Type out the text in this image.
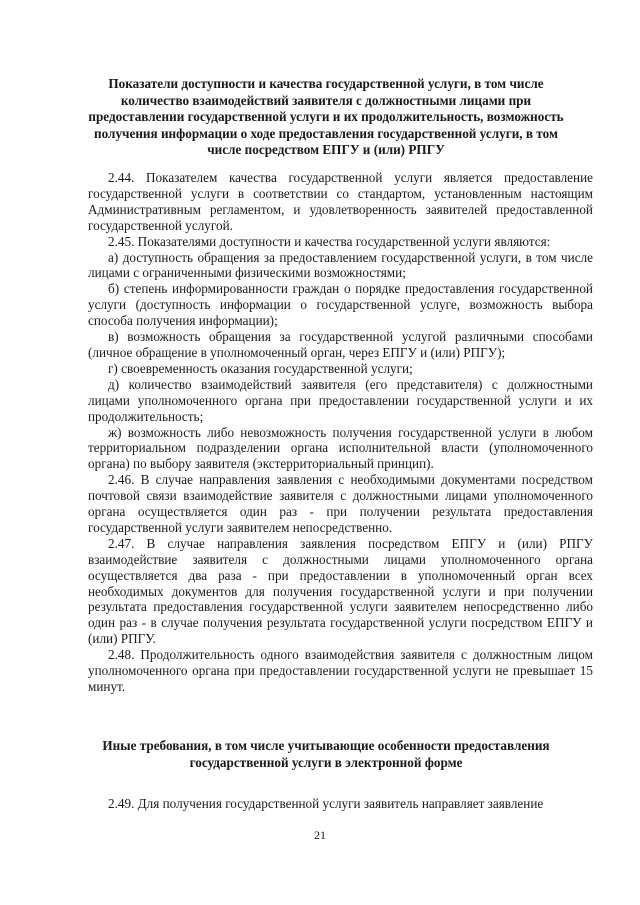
Показатели доступности и качества государственной услуги, в том числе количество взаимодействий заявителя с должностными лицами при предоставлении государственной услуги и их продолжительность, возможность получения информации о ходе предоставления государственной услуги, в том числе посредством ЕПГУ и (или) РПГУ

2.44. Показателем качества государственной услуги является предоставление государственной услуги в соответствии со стандартом, установленным настоящим Административным регламентом, и удовлетворенность заявителей предоставленной государственной услугой.

2.45. Показателями доступности и качества государственной услуги являются:

а) доступность обращения за предоставлением государственной услуги, в том числе лицами с ограниченными физическими возможностями;

б) степень информированности граждан о порядке предоставления государственной услуги (доступность информации о государственной услуге, возможность выбора способа получения информации);

в) возможность обращения за государственной услугой различными способами (личное обращение в уполномоченный орган, через ЕПГУ и (или) РПГУ);

г) своевременность оказания государственной услуги;

д) количество взаимодействий заявителя (его представителя) с должностными лицами уполномоченного органа при предоставлении государственной услуги и их продолжительность;

ж) возможность либо невозможность получения государственной услуги в любом территориальном подразделении органа исполнительной власти (уполномоченного органа) по выбору заявителя (экстерриториальный принцип).

2.46. В случае направления заявления с необходимыми документами посредством почтовой связи взаимодействие заявителя с должностными лицами уполномоченного органа осуществляется один раз - при получении результата предоставления государственной услуги заявителем непосредственно.

2.47. В случае направления заявления посредством ЕПГУ и (или) РПГУ взаимодействие заявителя с должностными лицами уполномоченного органа осуществляется два раза - при предоставлении в уполномоченный орган всех необходимых документов для получения государственной услуги и при получении результата предоставления государственной услуги заявителем непосредственно либо один раз - в случае получения результата государственной услуги посредством ЕПГУ и (или) РПГУ.

2.48. Продолжительность одного взаимодействия заявителя с должностным лицом уполномоченного органа при предоставлении государственной услуги не превышает 15 минут.

Иные требования, в том числе учитывающие особенности предоставления государственной услуги в электронной форме

2.49. Для получения государственной услуги заявитель направляет заявление

21
